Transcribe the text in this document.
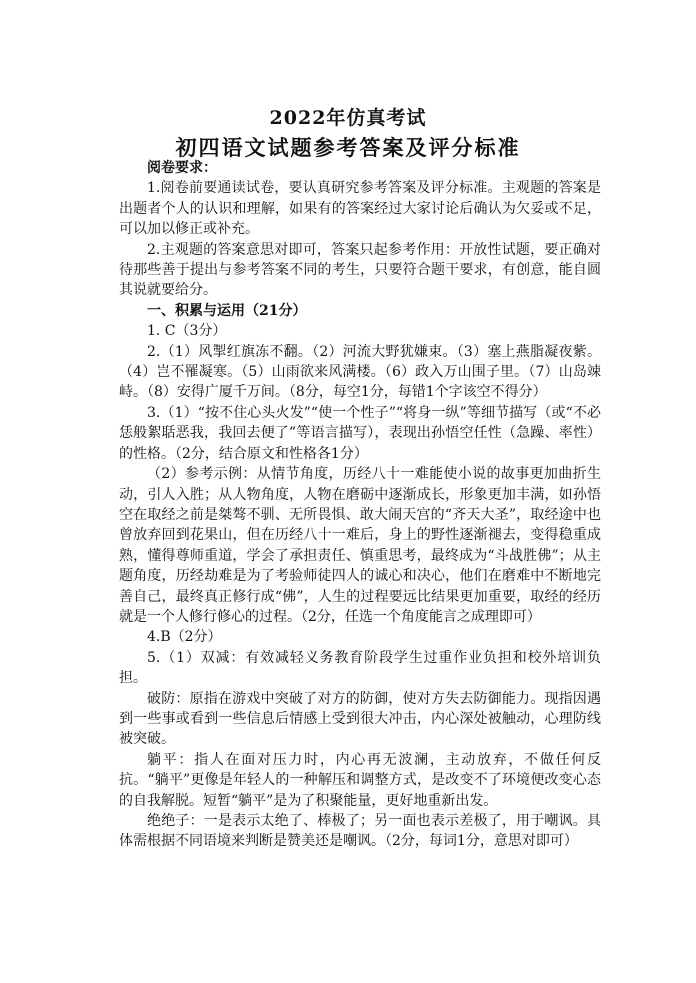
2022年仿真考试
初四语文试题参考答案及评分标准

阅卷要求：

1.阅卷前要通读试卷，要认真研究参考答案及评分标准。主观题的答案是出题者个人的认识和理解，如果有的答案经过大家讨论后确认为欠妥或不足，可以加以修正或补充。

2.主观题的答案意思对即可，答案只起参考作用：开放性试题，要正确对待那些善于提出与参考答案不同的考生，只要符合题干要求，有创意，能自圆其说就要给分。

一、积累与运用（21分）

1. C（3分）

2.（1）风掣红旗冻不翻。（2）河流大野犹嫌束。（3）塞上燕脂凝夜紫。（4）岂不罹凝寒。（5）山雨欲来风满楼。（6）政入万山围子里。（7）山岛竦峙。（8）安得广厦千万间。（8分，每空1分，每错1个字该空不得分）

3.（1）“按不住心头火发”“使一个性子”“将身一纵”等细节描写（或“不必恁般絮聒恶我，我回去便了”等语言描写），表现出孙悟空任性（急躁、率性）的性格。（2分，结合原文和性格各1分）

（2）参考示例：从情节角度，历经八十一难能使小说的故事更加曲折生动，引人入胜；从人物角度，人物在磨砺中逐渐成长，形象更加丰满，如孙悟空在取经之前是桀骜不驯、无所畏惧、敢大闹天宫的“齐天大圣”，取经途中也曾放弃回到花果山，但在历经八十一难后，身上的野性逐渐褪去，变得稳重成熟，懂得尊师重道，学会了承担责任、慎重思考，最终成为“斗战胜佛”；从主题角度，历经劫难是为了考验师徒四人的诚心和决心，他们在磨难中不断地完善自己，最终真正修行成“佛”，人生的过程要远比结果更加重要，取经的经历就是一个人修行修心的过程。（2分，任选一个角度能言之成理即可）

4.B（2分）

5.（1）双减：有效减轻义务教育阶段学生过重作业负担和校外培训负担。

破防：原指在游戏中突破了对方的防御，使对方失去防御能力。现指因遇到一些事或看到一些信息后情感上受到很大冲击，内心深处被触动，心理防线被突破。

躺平：指人在面对压力时，内心再无波澜，主动放弃，不做任何反抗。“躺平”更像是年轻人的一种解压和调整方式，是改变不了环境便改变心态的自我解脱。短暂“躺平”是为了积聚能量，更好地重新出发。

绝绝子：一是表示太绝了、棒极了；另一面也表示差极了，用于嘲讽。具体需根据不同语境来判断是赞美还是嘲讽。（2分，每词1分，意思对即可）
